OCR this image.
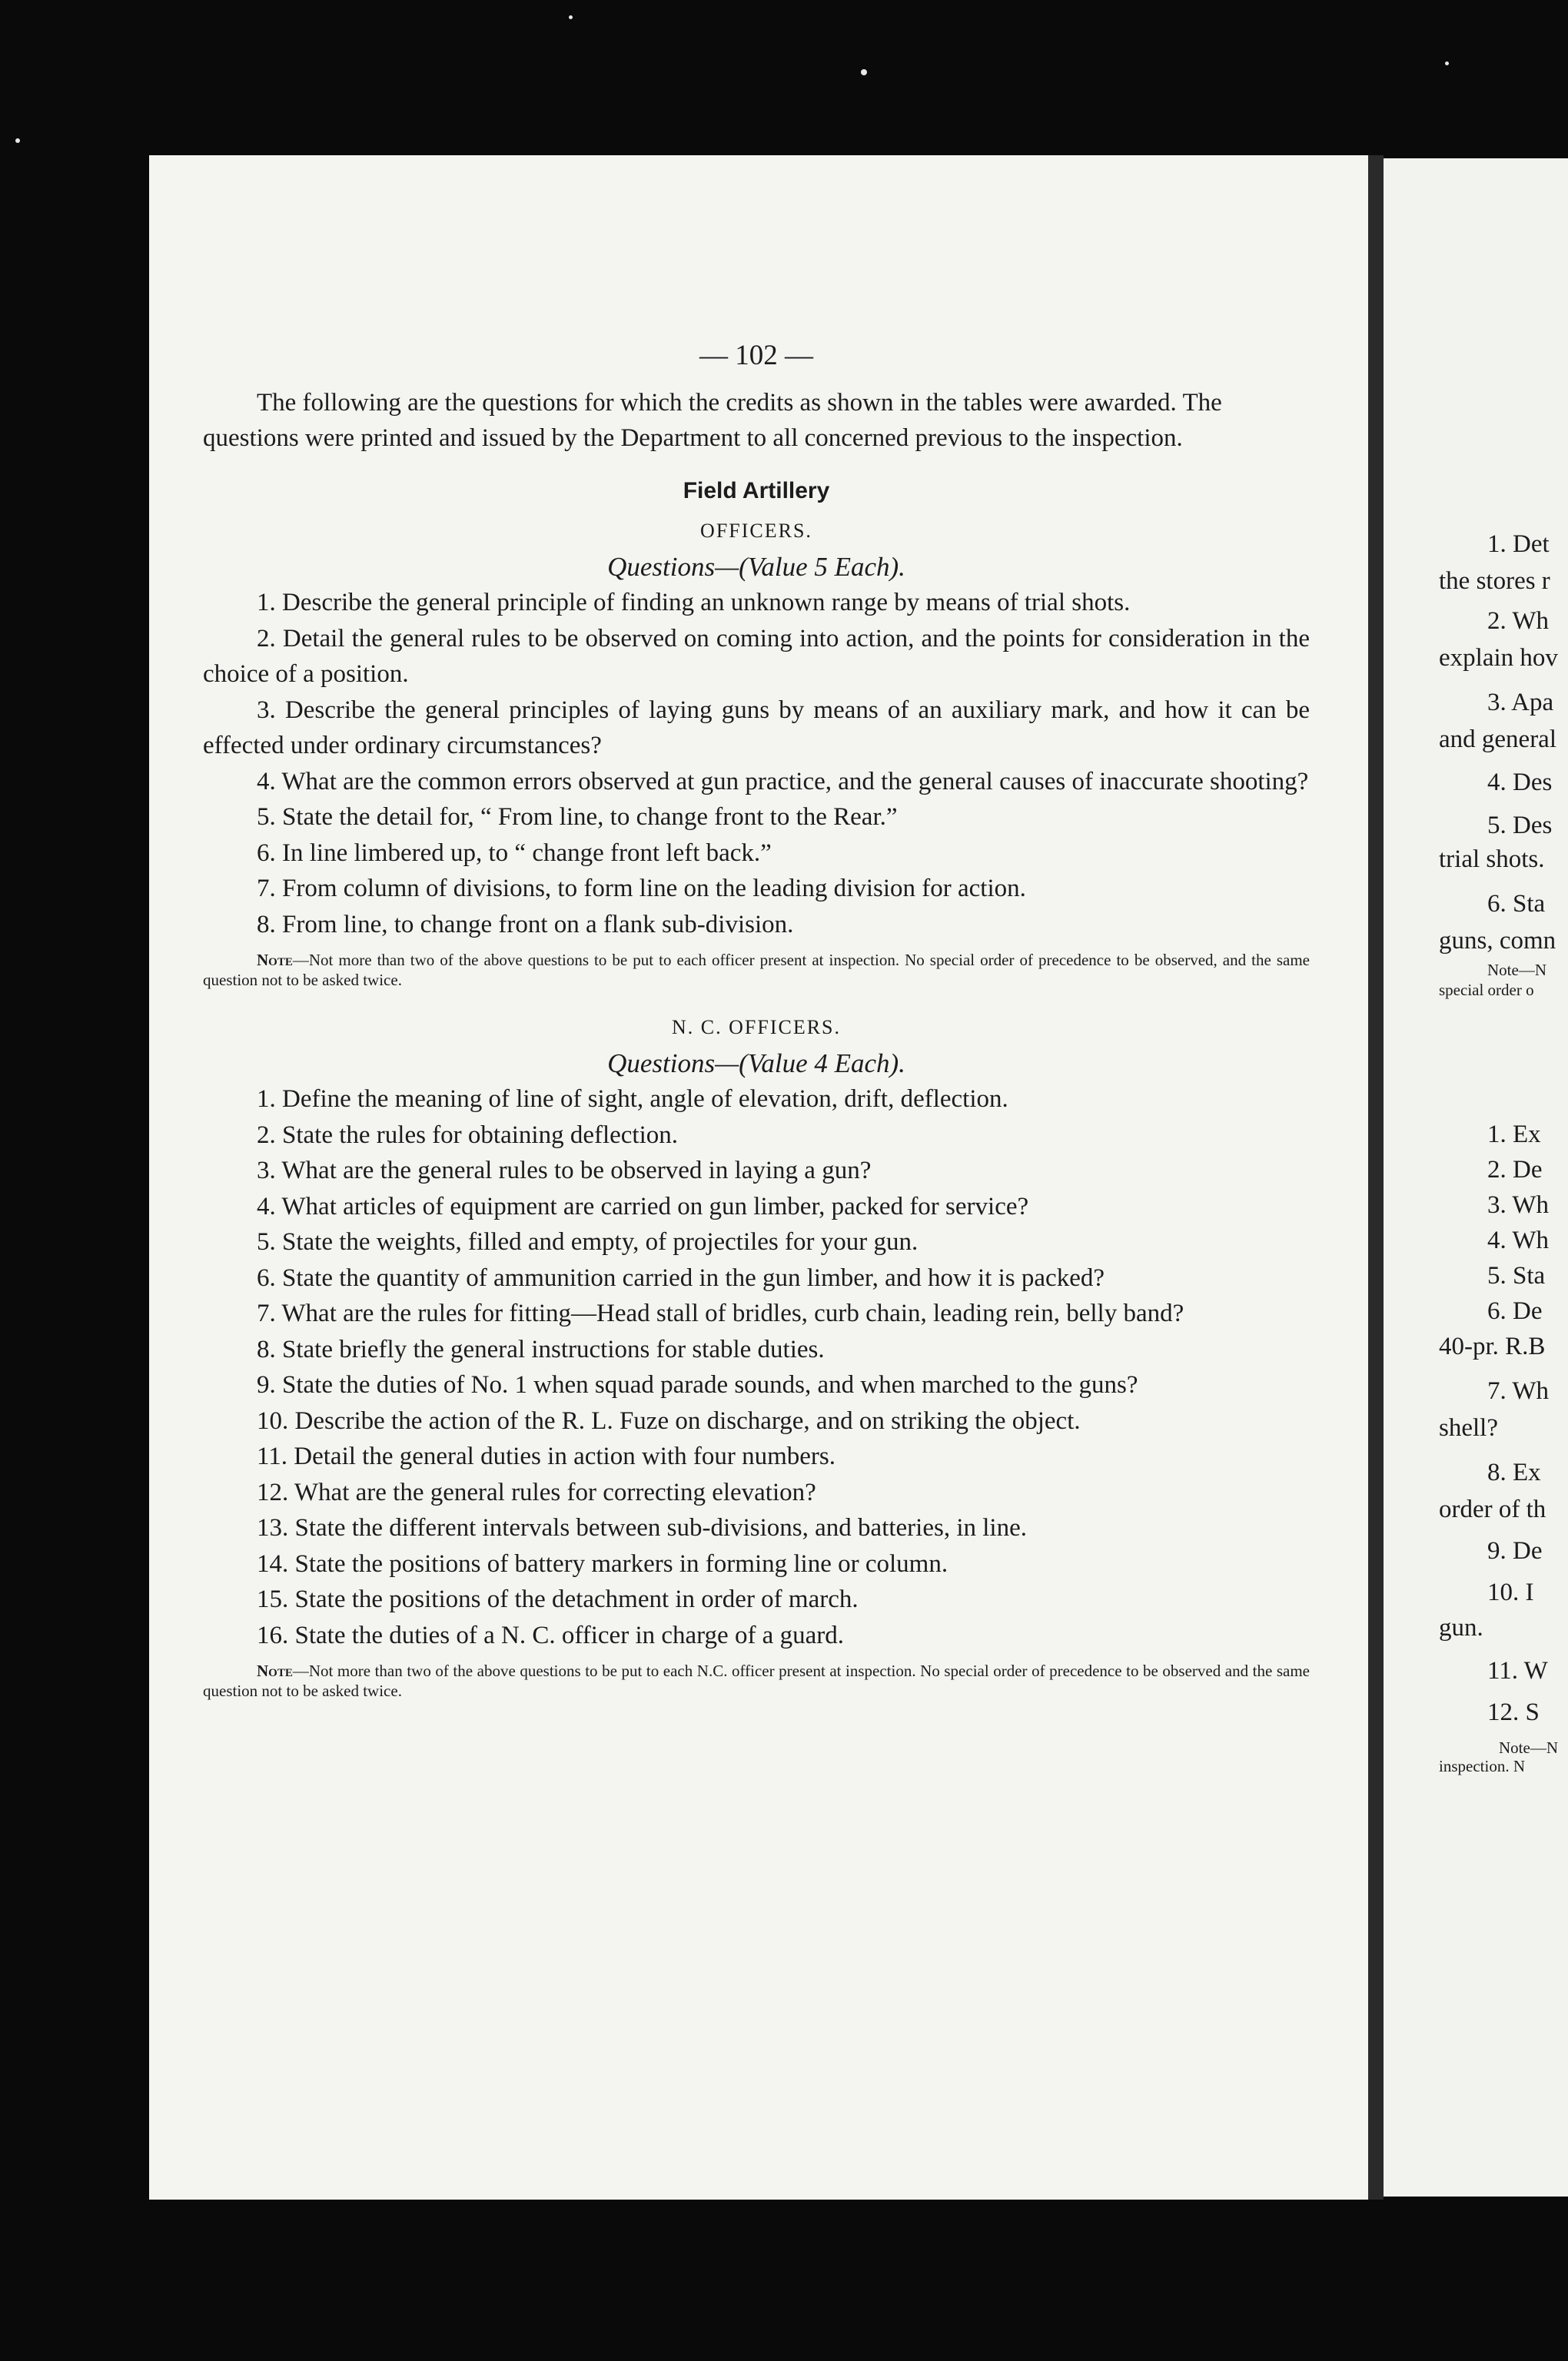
— 102 —

The following are the questions for which the credits as shown in the tables were awarded. The questions were printed and issued by the Department to all concerned previous to the inspection.

Field Artillery
OFFICERS.
Questions—(Value 5 Each).

1. Describe the general principle of finding an unknown range by means of trial shots.

2. Detail the general rules to be observed on coming into action, and the points for consideration in the choice of a position.

3. Describe the general principles of laying guns by means of an auxiliary mark, and how it can be effected under ordinary circumstances?

4. What are the common errors observed at gun practice, and the general causes of inaccurate shooting?

5. State the detail for, “ From line, to change front to the Rear.”

6. In line limbered up, to “ change front left back.”

7. From column of divisions, to form line on the leading division for action.

8. From line, to change front on a flank sub-division.

Note—Not more than two of the above questions to be put to each officer present at inspection. No special order of precedence to be observed, and the same question not to be asked twice.

N. C. OFFICERS.
Questions—(Value 4 Each).

1. Define the meaning of line of sight, angle of elevation, drift, deflection.

2. State the rules for obtaining deflection.

3. What are the general rules to be observed in laying a gun?

4. What articles of equipment are carried on gun limber, packed for service?

5. State the weights, filled and empty, of projectiles for your gun.

6. State the quantity of ammunition carried in the gun limber, and how it is packed?

7. What are the rules for fitting—Head stall of bridles, curb chain, leading rein, belly band?

8. State briefly the general instructions for stable duties.

9. State the duties of No. 1 when squad parade sounds, and when marched to the guns?

10. Describe the action of the R. L. Fuze on discharge, and on striking the object.

11. Detail the general duties in action with four numbers.

12. What are the general rules for correcting elevation?

13. State the different intervals between sub-divisions, and batteries, in line.

14. State the positions of battery markers in forming line or column.

15. State the positions of the detachment in order of march.

16. State the duties of a N. C. officer in charge of a guard.

Note—Not more than two of the above questions to be put to each N.C. officer present at inspection. No special order of precedence to be observed and the same question not to be asked twice.

1. Det
the stores r
2. Wh
explain hov
3. Apa
and general
4. Des
5. Des
trial shots.
6. Sta
guns, comn
Note—N
special order o
1. Ex
2. De
3. Wh
4. Wh
5. Sta
6. De
40-pr. R.B
7. Wh
shell?
8. Ex
order of th
9. De
10. I
gun.
11. W
12. S
Note—N
inspection. N
